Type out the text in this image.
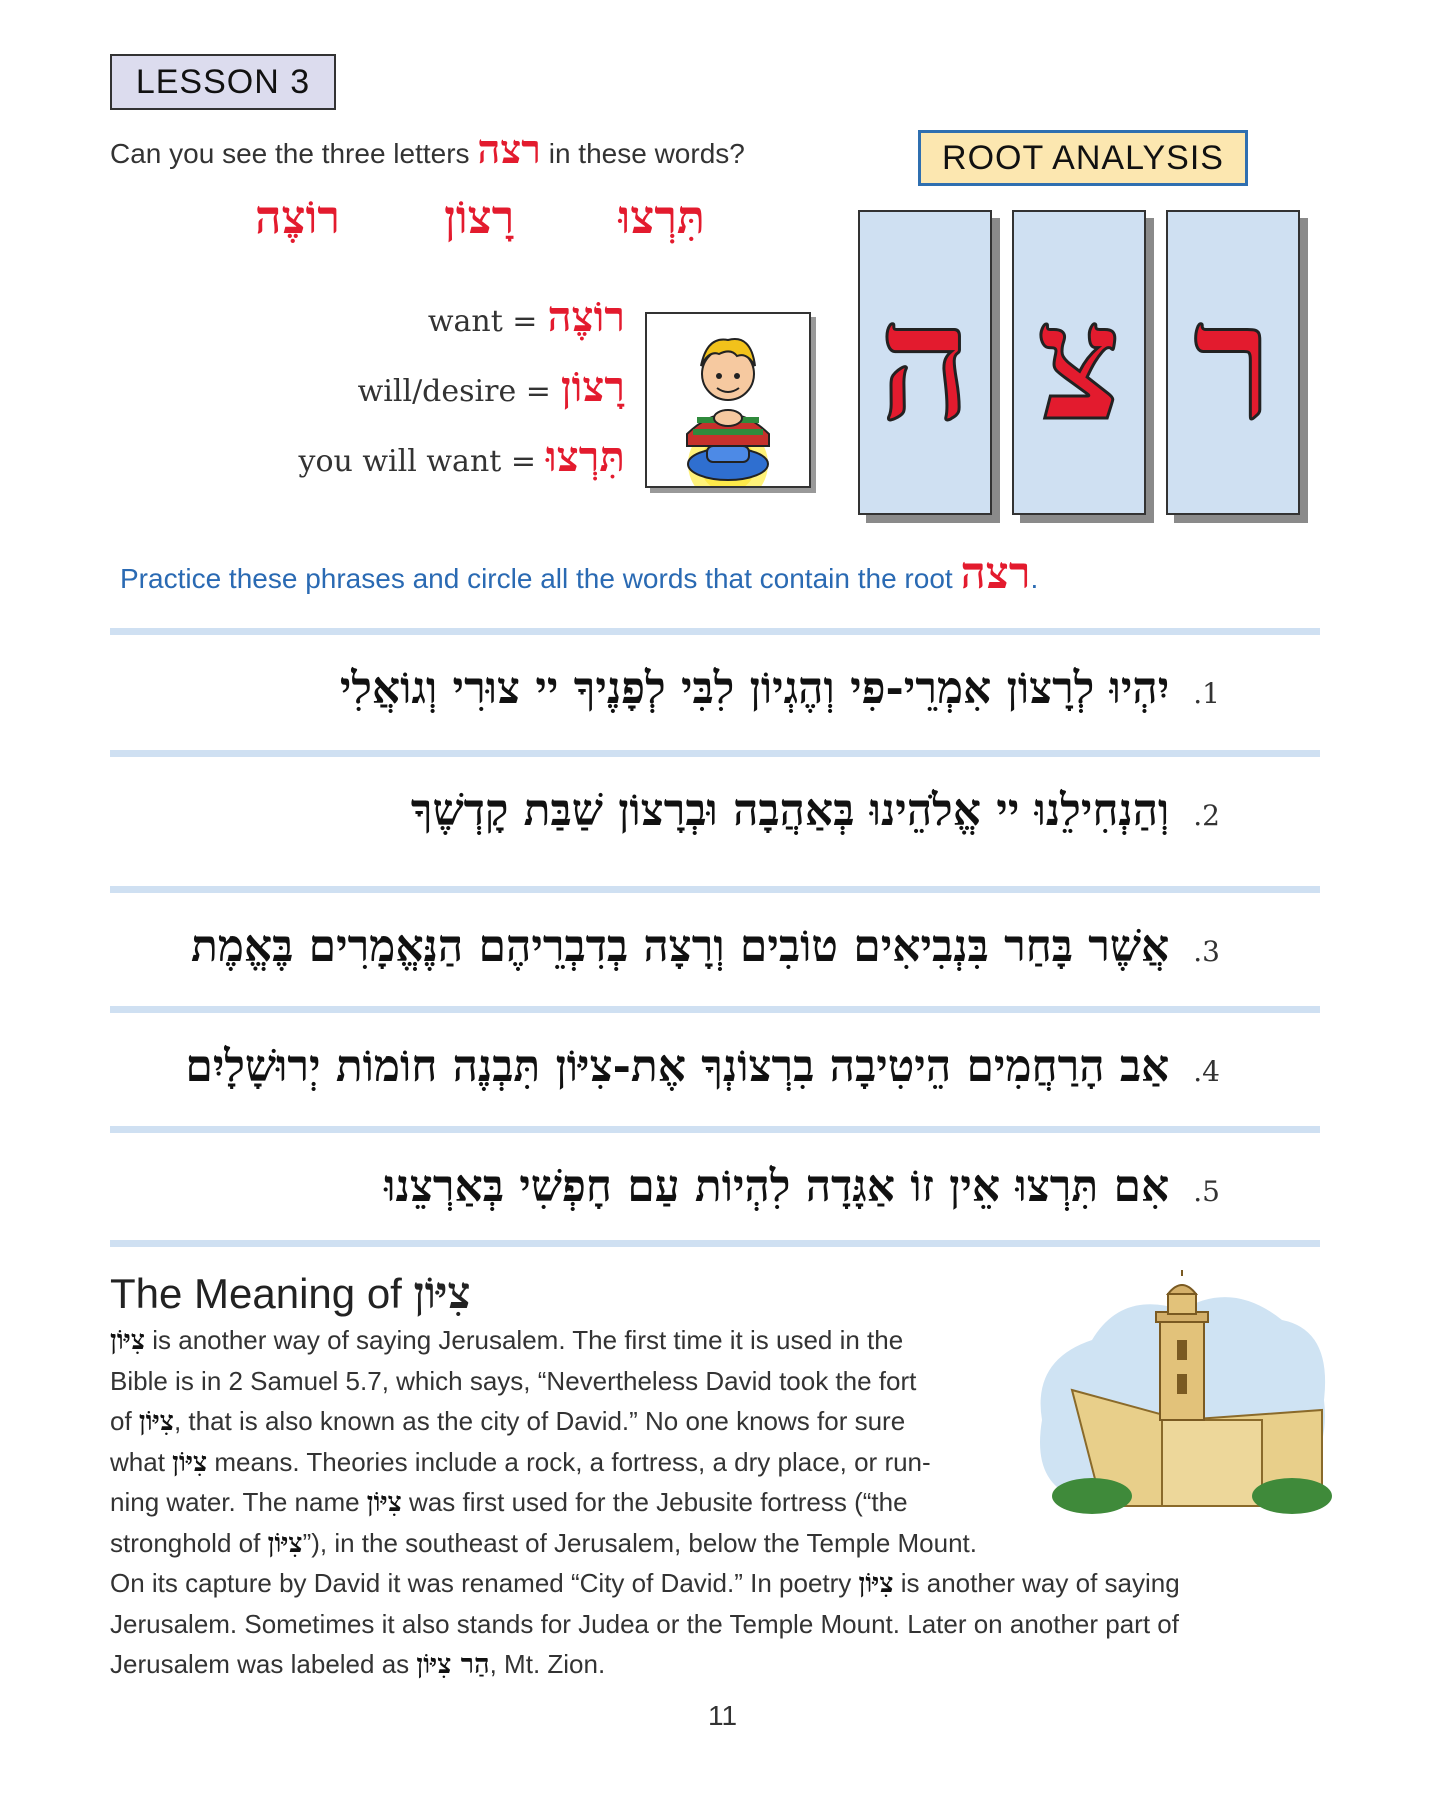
LESSON 3
Can you see the three letters רצה in these words?	ROOT ANALYSIS
רוֹצֶה רָצוֹן תִּרְצוּ
want = רוֹצֶה
will/desire = רָצוֹן
you will want = תִּרְצוּ
ה צ ר
Practice these phrases and circle all the words that contain the root רצה.
.1
יִהְיוּ לְרָצוֹן אִמְרֵי-פִי וְהֶגְיוֹן לִבִּי לְפָנֶיךָ יי צוּרִי וְגוֹאֲלִי
.2
וְהַנְחִילֵנוּ יי אֱלֹהֵינוּ בְּאַהֲבָה וּבְרָצוֹן שַׁבַּת קָדְשֶׁךָ
.3
אֲשֶׁר בָּחַר בִּנְבִיאִים טוֹבִים וְרָצָה בְדִבְרֵיהֶם הַנֶּאֱמָרִים בֶּאֱמֶת
.4
אַב הָרַחֲמִים הֵיטִיבָה בִרְצוֹנְךָ אֶת-צִיּוֹן תִּבְנֶה חוֹמוֹת יְרוּשָׁלָיִם
.5
אִם תִּרְצוּ אֵין זוֹ אַגָּדָה לִהְיוֹת עַם חָפְשִׁי בְּאַרְצֵנוּ
The Meaning of צִיּוֹן
צִיּוֹן is another way of saying Jerusalem. The first time it is used in the
Bible is in 2 Samuel 5.7, which says, “Nevertheless David took the fort
of צִיּוֹן, that is also known as the city of David.” No one knows for sure
what צִיּוֹן means. Theories include a rock, a fortress, a dry place, or run-
ning water. The name צִיּוֹן was first used for the Jebusite fortress (“the
stronghold of צִיּוֹן”), in the southeast of Jerusalem, below the Temple Mount.
On its capture by David it was renamed “City of David.” In poetry צִיּוֹן is another way of saying
Jerusalem. Sometimes it also stands for Judea or the Temple Mount. Later on another part of
Jerusalem was labeled as הַר צִיּוֹן, Mt. Zion.
11
